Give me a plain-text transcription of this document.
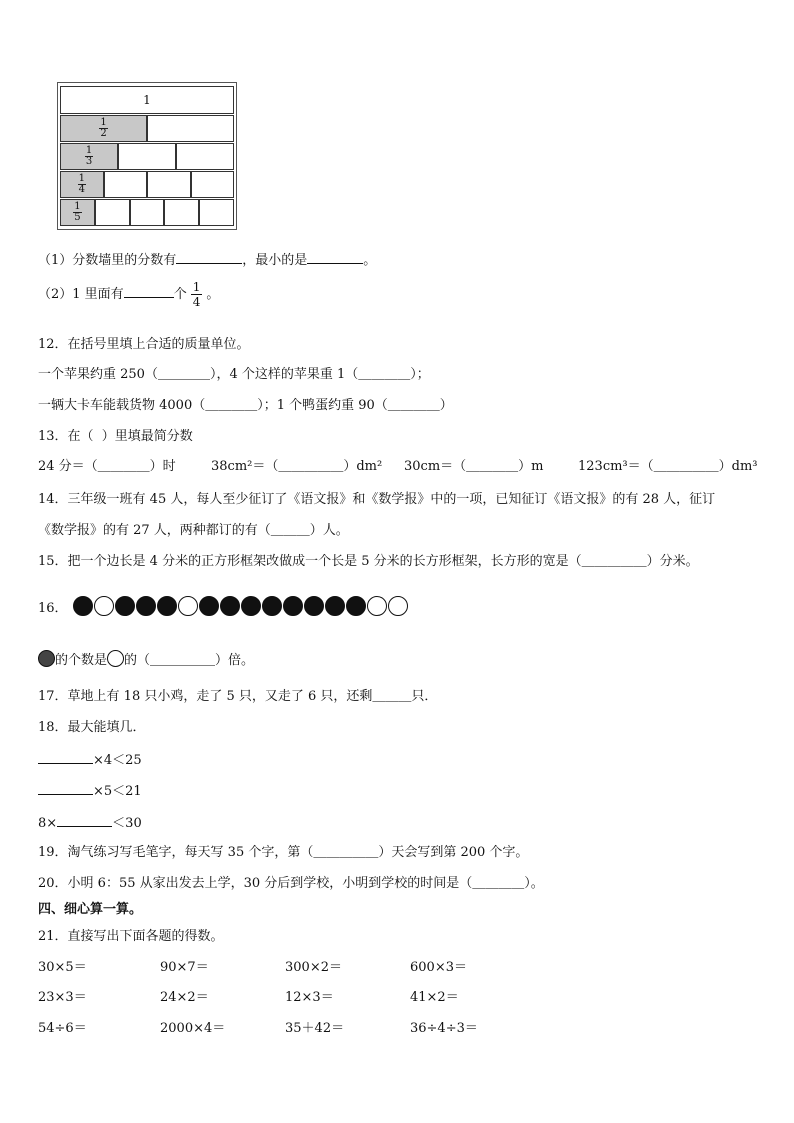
1
$\frac{1}{2}$
$\frac{1}{3}$
$\frac{1}{4}$
$\frac{1}{5}$
（1）分数墙里的分数有	，最小的是	。
（2）1 里面有	个 $\frac{1}{4}$ 。
12．在括号里填上合适的质量单位。
一个苹果约重 250（＿＿＿＿），4 个这样的苹果重 1（＿＿＿＿）；
一辆大卡车能载货物 4000（＿＿＿＿）；1 个鸭蛋约重 90（＿＿＿＿）
13．在（  ）里填最简分数
24 分＝（＿＿＿＿）时	38cm²＝（＿＿＿＿＿）dm² 30cm＝（＿＿＿＿）m	123cm³＝（＿＿＿＿＿）dm³
14．三年级一班有 45 人，每人至少征订了《语文报》和《数学报》中的一项，已知征订《语文报》的有 28 人，征订
《数学报》的有 27 人，两种都订的有（＿＿＿）人。
15．把一个边长是 4 分米的正方形框架改做成一个长是 5 分米的长方形框架，长方形的宽是（＿＿＿＿＿）分米。
16．
的个数是 的（＿＿＿＿＿）倍。
17．草地上有 18 只小鸡，走了 5 只，又走了 6 只，还剩＿＿＿只．
18．最大能填几．
×4＜25
×5＜21
8×	＜30
19．淘气练习写毛笔字，每天写 35 个字，第（＿＿＿＿＿）天会写到第 200 个字。
20．小明 6：55 从家出发去上学，30 分后到学校，小明到学校的时间是（＿＿＿＿）。
四、细心算一算。
21．直接写出下面各题的得数。
30×5＝	90×7＝	300×2＝	600×3＝
23×3＝	24×2＝	12×3＝	41×2＝
54÷6＝	2000×4＝	35＋42＝	36÷4÷3＝
